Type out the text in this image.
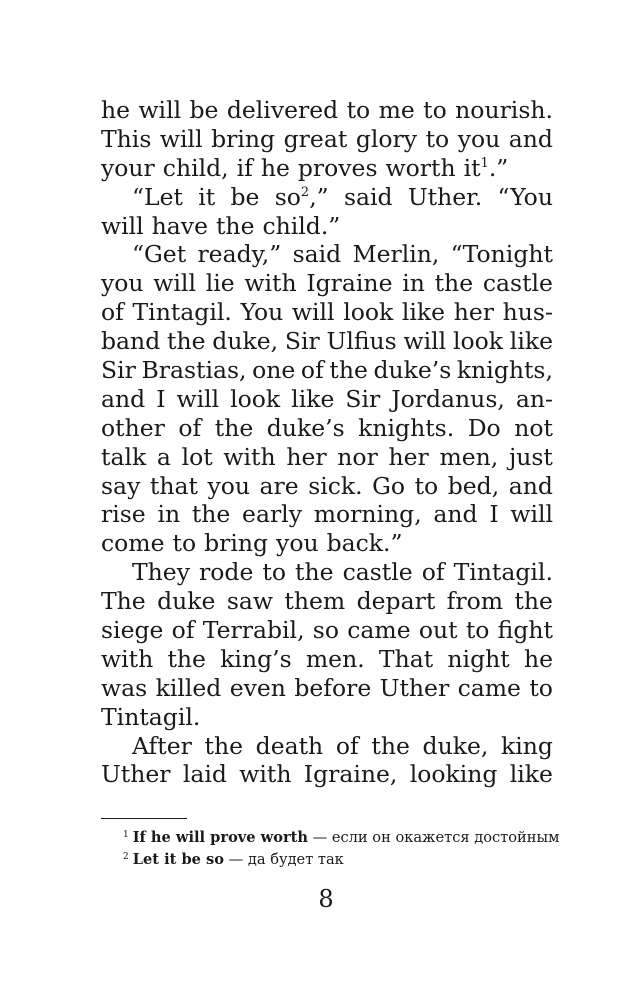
he will be delivered to me to nourish.
This will bring great glory to you and
your child, if he proves worth $it^1$.”
“Let it be $so^2$,” said Uther. “You
will have the child.”
“Get ready,” said Merlin, “Tonight
you will lie with Igraine in the castle
of Tintagil. You will look like her hus-
band the duke, Sir Ulfius will look like
Sir Brastias, one of the duke’s knights,
and I will look like Sir Jordanus, an-
other of the duke’s knights. Do not
talk a lot with her nor her men, just
say that you are sick. Go to bed, and
rise in the early morning, and I will
come to bring you back.”
They rode to the castle of Tintagil.
The duke saw them depart from the
siege of Terrabil, so came out to fight
with the king’s men. That night he
was killed even before Uther came to
Tintagil.
After the death of the duke, king
Uther laid with Igraine, looking like
$^1$ If he will prove worth — если он окажется достойным
$^2$ Let it be so — да будет так
8
